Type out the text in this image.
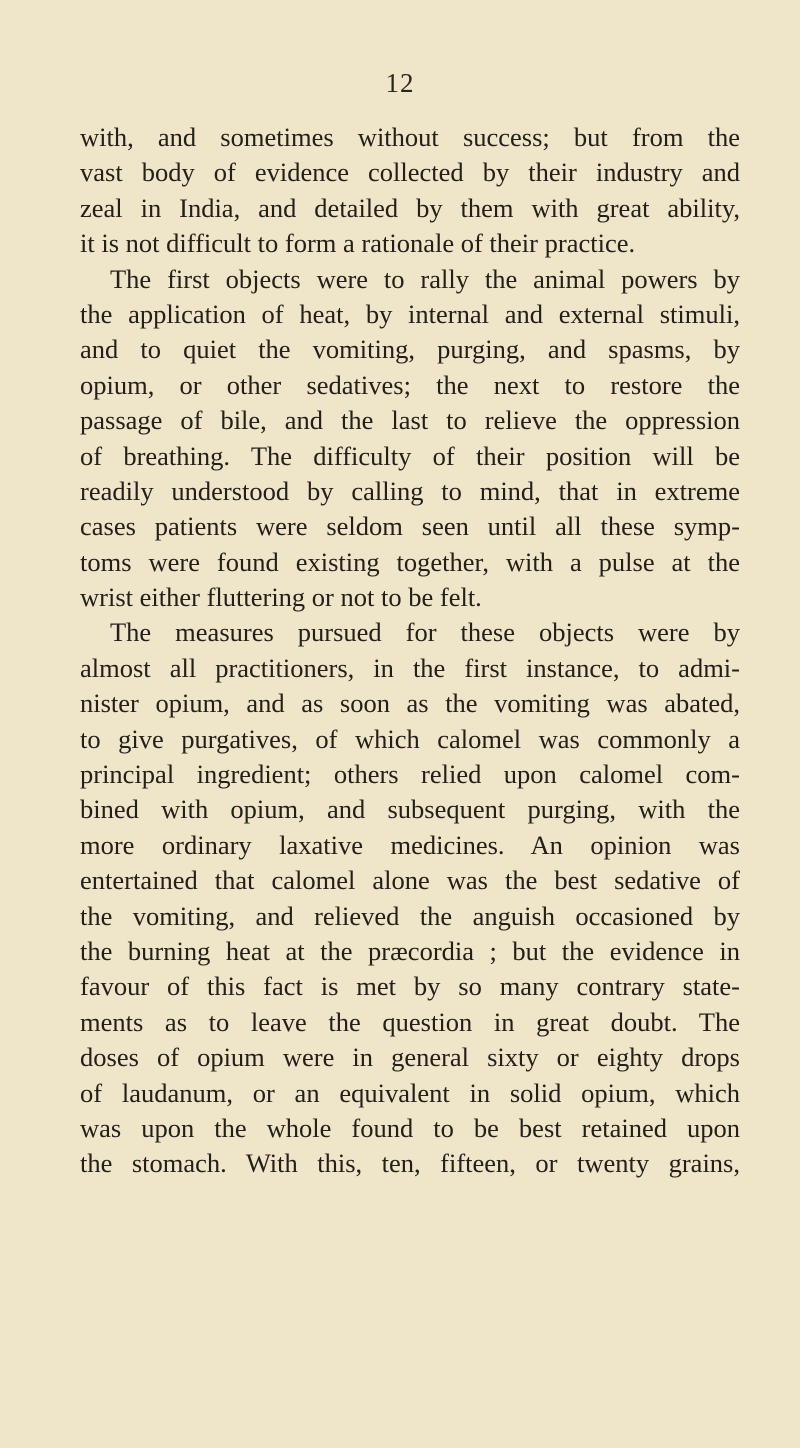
12
with, and sometimes without success; but from the
vast body of evidence collected by their industry and
zeal in India, and detailed by them with great ability,
it is not difficult to form a rationale of their practice.
The first objects were to rally the animal powers by
the application of heat, by internal and external stimuli,
and to quiet the vomiting, purging, and spasms, by
opium, or other sedatives; the next to restore the
passage of bile, and the last to relieve the oppression
of breathing. The difficulty of their position will be
readily understood by calling to mind, that in extreme
cases patients were seldom seen until all these symp-
toms were found existing together, with a pulse at the
wrist either fluttering or not to be felt.
The measures pursued for these objects were by
almost all practitioners, in the first instance, to admi-
nister opium, and as soon as the vomiting was abated,
to give purgatives, of which calomel was commonly a
principal ingredient; others relied upon calomel com-
bined with opium, and subsequent purging, with the
more ordinary laxative medicines. An opinion was
entertained that calomel alone was the best sedative of
the vomiting, and relieved the anguish occasioned by
the burning heat at the præcordia ; but the evidence in
favour of this fact is met by so many contrary state-
ments as to leave the question in great doubt. The
doses of opium were in general sixty or eighty drops
of laudanum, or an equivalent in solid opium, which
was upon the whole found to be best retained upon
the stomach. With this, ten, fifteen, or twenty grains,
